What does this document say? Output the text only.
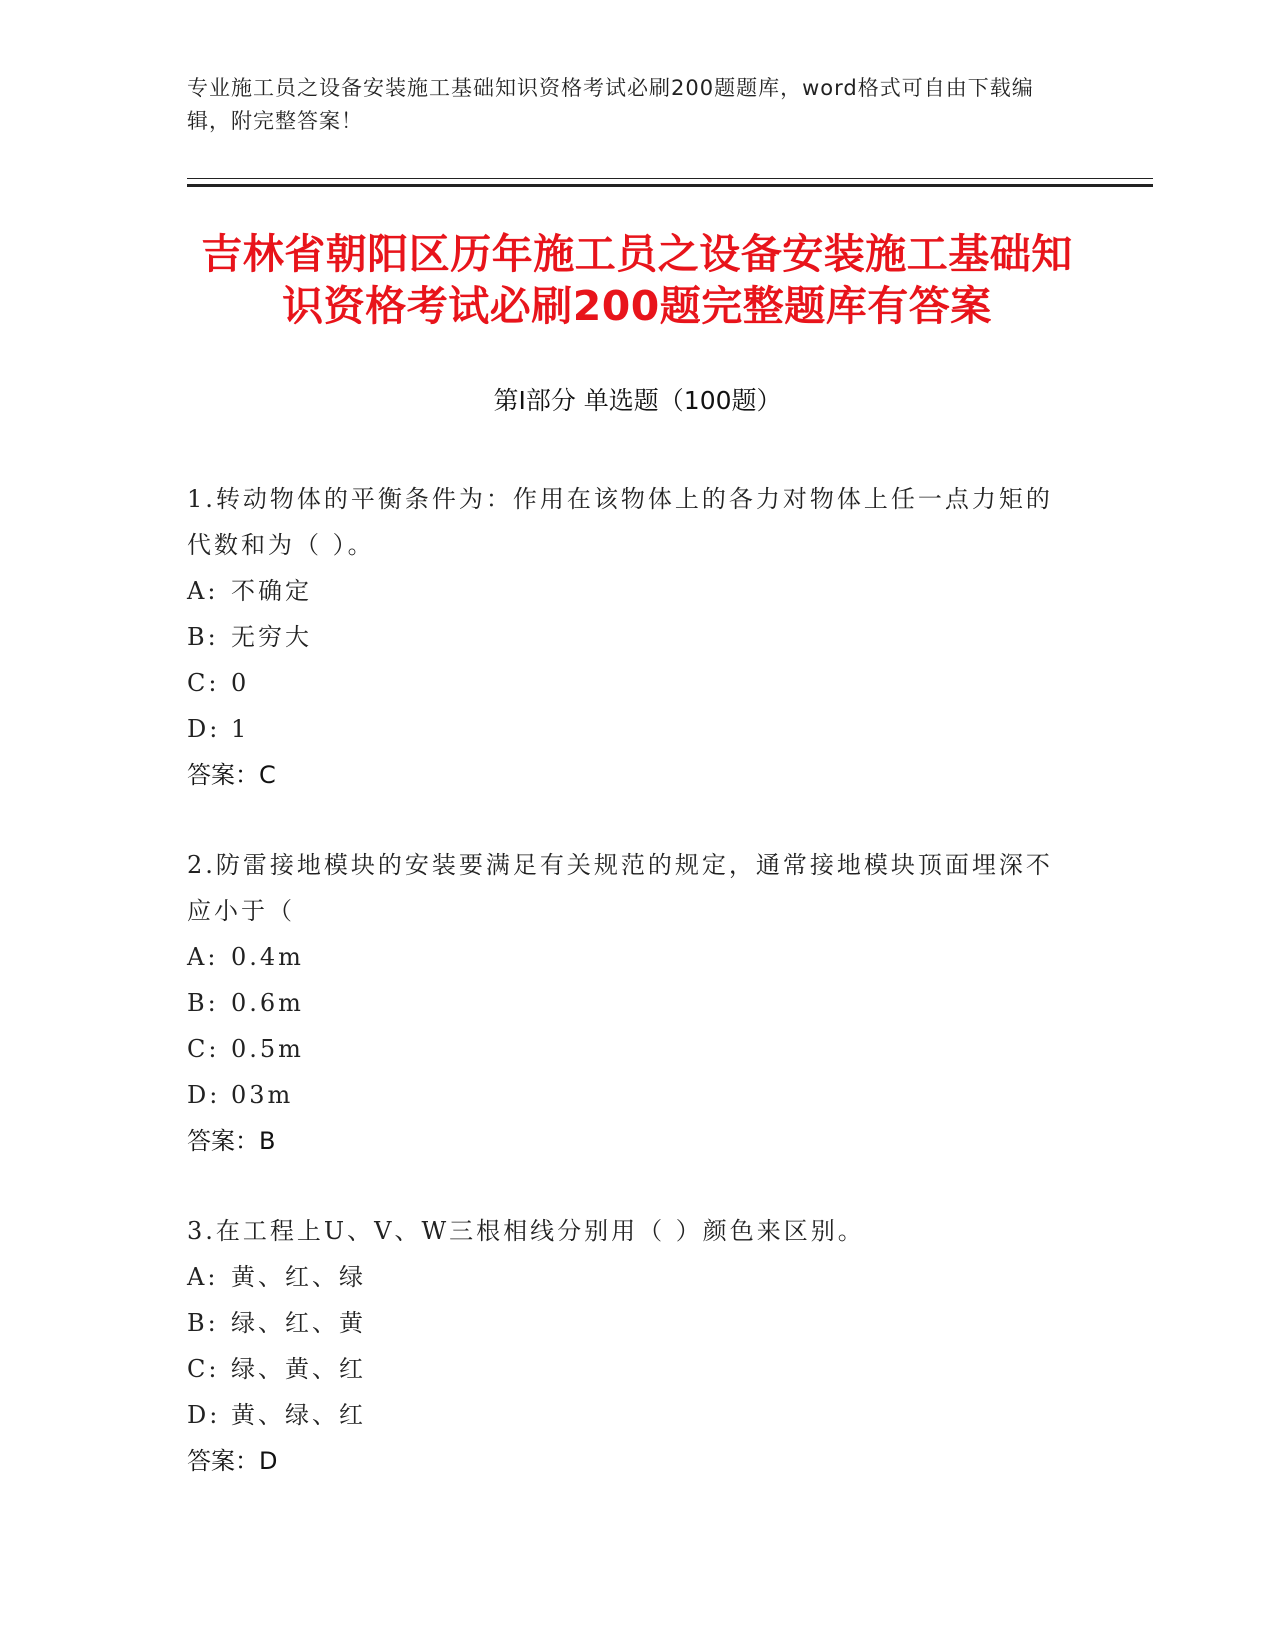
专业施工员之设备安装施工基础知识资格考试必刷200题题库，word格式可自由下载编辑，附完整答案！
吉林省朝阳区历年施工员之设备安装施工基础知识资格考试必刷200题完整题库有答案
第Ⅰ部分 单选题（100题）

1.转动物体的平衡条件为：作用在该物体上的各力对物体上任一点力矩的代数和为（ ）。

A: 不确定

B: 无穷大

C: 0

D: 1

答案：C

2.防雷接地模块的安装要满足有关规范的规定，通常接地模块顶面埋深不应小于（

A: 0.4m

B: 0.6m

C: 0.5m

D: 03m

答案：B

3.在工程上U、V、W三根相线分别用（ ）颜色来区别。

A: 黄、红、绿

B: 绿、红、黄

C: 绿、黄、红

D: 黄、绿、红

答案：D
